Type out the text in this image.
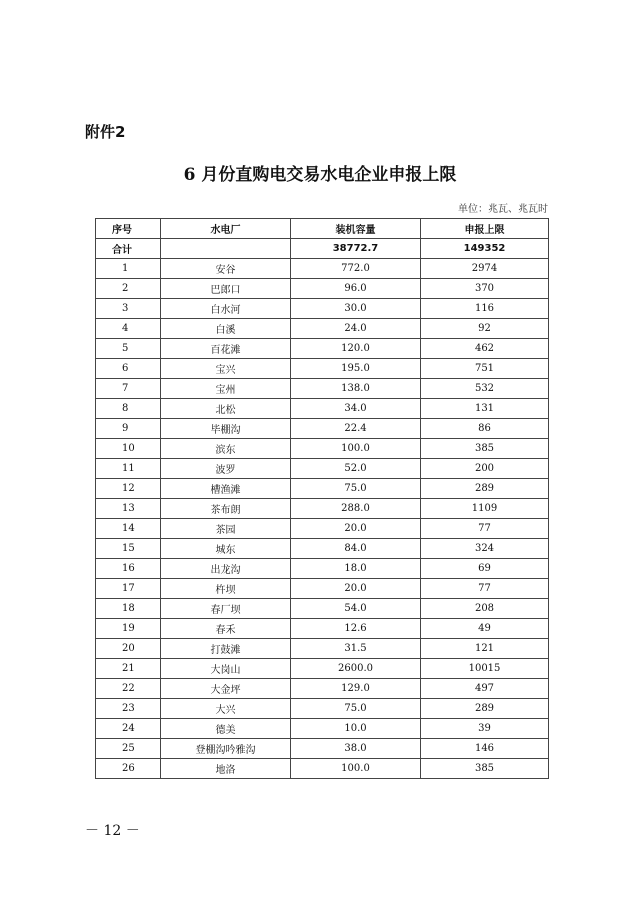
附件2
6 月份直购电交易水电企业申报上限
单位：兆瓦、兆瓦时
序号	水电厂	装机容量	申报上限
合计		38772.7	149352
1	安谷	772.0	2974
2	巴郎口	96.0	370
3	白水河	30.0	116
4	白溪	24.0	92
5	百花滩	120.0	462
6	宝兴	195.0	751
7	宝州	138.0	532
8	北松	34.0	131
9	毕棚沟	22.4	86
10	滨东	100.0	385
11	波罗	52.0	200
12	槽渔滩	75.0	289
13	茶布朗	288.0	1109
14	茶园	20.0	77
15	城东	84.0	324
16	出龙沟	18.0	69
17	杵坝	20.0	77
18	春厂坝	54.0	208
19	春禾	12.6	49
20	打鼓滩	31.5	121
21	大岗山	2600.0	10015
22	大金坪	129.0	497
23	大兴	75.0	289
24	德美	10.0	39
25	登棚沟吟雅沟	38.0	146
26	地洛	100.0	385
－ 12 －
